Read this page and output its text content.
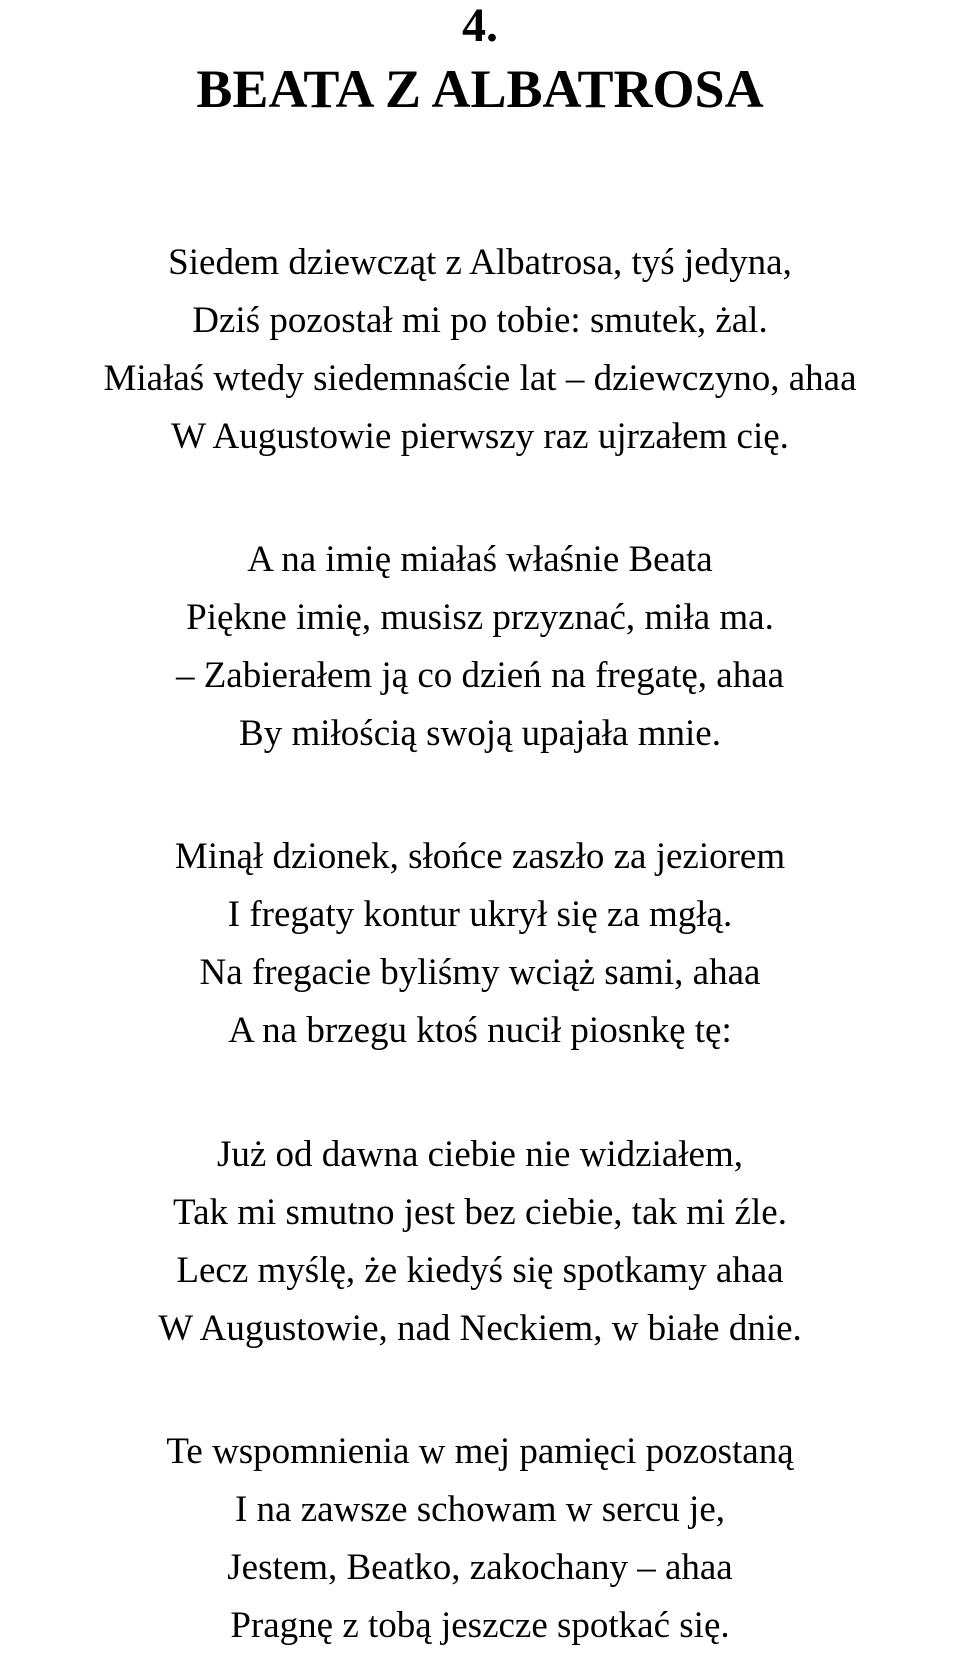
4.
BEATA Z ALBATROSA
Siedem dziewcząt z Albatrosa, tyś jedyna,
Dziś pozostał mi po tobie: smutek, żal.
Miałaś wtedy siedemnaście lat – dziewczyno, ahaa
W Augustowie pierwszy raz ujrzałem cię.
A na imię miałaś właśnie Beata
Piękne imię, musisz przyznać, miła ma.
– Zabierałem ją co dzień na fregatę, ahaa
By miłością swoją upajała mnie.
Minął dzionek, słońce zaszło za jeziorem
I fregaty kontur ukrył się za mgłą.
Na fregacie byliśmy wciąż sami, ahaa
A na brzegu ktoś nucił piosnkę tę:
Już od dawna ciebie nie widziałem,
Tak mi smutno jest bez ciebie, tak mi źle.
Lecz myślę, że kiedyś się spotkamy ahaa
W Augustowie, nad Neckiem, w białe dnie.
Te wspomnienia w mej pamięci pozostaną
I na zawsze schowam w sercu je,
Jestem, Beatko, zakochany – ahaa
Pragnę z tobą jeszcze spotkać się.
